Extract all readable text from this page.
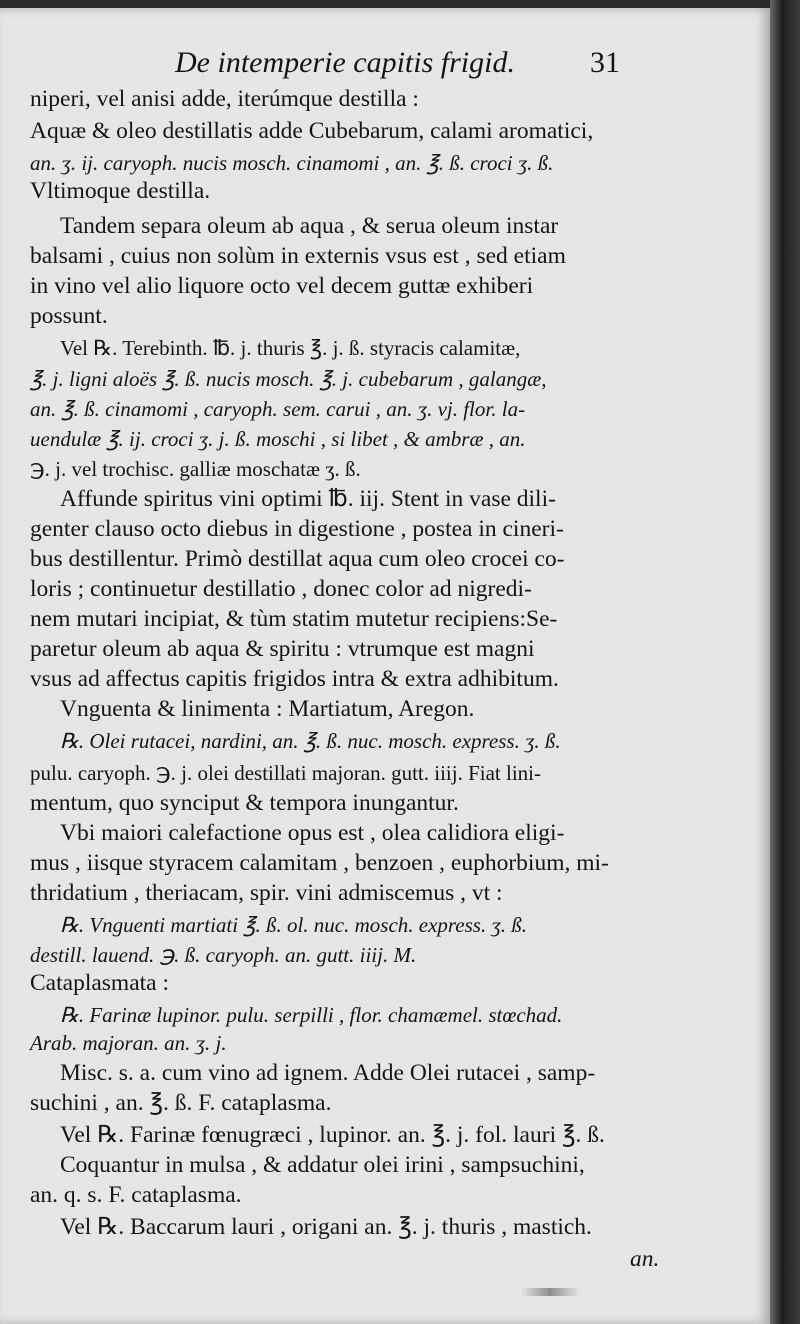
De intemperie capitis frigid.	31
niperi, vel anisi adde, iterúmque destilla :
Aquæ & oleo destillatis adde Cubebarum, calami aromatici,
an. ʒ. ij. caryoph. nucis mosch. cinamomi , an. ℥. ß. croci ʒ. ß.
Vltimoque destilla.
Tandem separa oleum ab aqua , & serua oleum instar
balsami , cuius non solùm in externis vsus est , sed etiam
in vino vel alio liquore octo vel decem guttæ exhiberi
possunt.
Vel ℞. Terebinth. ℔. j. thuris ℥. j. ß. styracis calamitæ,
℥. j. ligni aloës ℥. ß. nucis mosch. ℥. j. cubebarum , galangæ,
an. ℥. ß. cinamomi , caryoph. sem. carui , an. ʒ. vj. flor. la-
uendulæ ℥. ij. croci ʒ. j. ß. moschi , si libet , & ambræ , an.
℈. j. vel trochisc. galliæ moschatæ ʒ. ß.
Affunde spiritus vini optimi ℔. iij. Stent in vase dili-
genter clauso octo diebus in digestione , postea in cineri-
bus destillentur. Primò destillat aqua cum oleo crocei co-
loris ; continuetur destillatio , donec color ad nigredi-
nem mutari incipiat, & tùm statim mutetur recipiens:Se-
paretur oleum ab aqua & spiritu : vtrumque est magni
vsus ad affectus capitis frigidos intra & extra adhibitum.
Vnguenta & linimenta : Martiatum, Aregon.
℞. Olei rutacei, nardini, an. ℥. ß. nuc. mosch. express. ʒ. ß.
pulu. caryoph. ℈. j. olei destillati majoran. gutt. iiij. Fiat lini-
mentum, quo synciput & tempora inungantur.
Vbi maiori calefactione opus est , olea calidiora eligi-
mus , iisque styracem calamitam , benzoen , euphorbium, mi-
thridatium , theriacam, spir. vini admiscemus , vt :
℞. Vnguenti martiati ℥. ß. ol. nuc. mosch. express. ʒ. ß.
destill. lauend. ℈. ß. caryoph. an. gutt. iiij. M.
Cataplasmata :
℞. Farinæ lupinor. pulu. serpilli , flor. chamæmel. stœchad.
Arab. majoran. an. ʒ. j.
Misc. s. a. cum vino ad ignem. Adde Olei rutacei , samp-
suchini , an. ℥. ß. F. cataplasma.
Vel ℞. Farinæ fœnugræci , lupinor. an. ℥. j. fol. lauri ℥. ß.
Coquantur in mulsa , & addatur olei irini , sampsuchini,
an. q. s. F. cataplasma.
Vel ℞. Baccarum lauri , origani an. ℥. j. thuris , mastich.
an.
